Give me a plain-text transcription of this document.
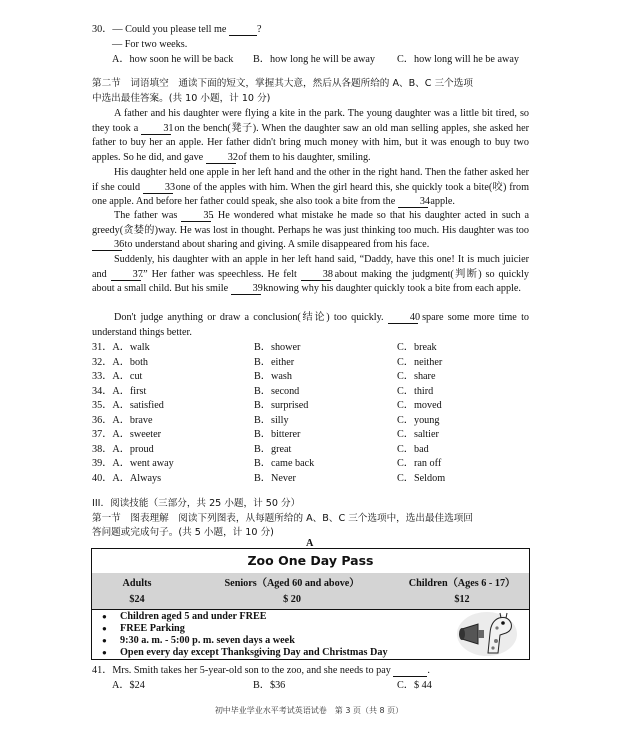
30．— Could you please tell me	?
— For two weeks.
A．how soon he will be back B．how long he will be away C．how long will he be away
第二节　词语填空　通读下面的短文，掌握其大意，然后从各题所给的 A、B、C 三个选项
中选出最佳答案。(共 10 小题，计 10 分)
A father and his daughter were flying a kite in the park. The young daughter was a little bit tired, so they took a 31 on the bench(凳子). When the daughter saw an old man selling apples, she asked her father to buy her an apple. Her father didn't bring much money with him, but it was enough to buy two apples. So he did, and gave 32 of them to his daughter, smiling.
His daughter held one apple in her left hand and the other in the right hand. Then the father asked her if she could 33 one of the apples with him. When the girl heard this, she quickly took a bite(咬) from one apple. And before her father could speak, she also took a bite from the 34 apple.
The father was 35. He wondered what mistake he made so that his daughter acted in such a greedy(贪婪的)way. He was lost in thought. Perhaps he was just thinking too much. His daughter was too 36 to understand about sharing and giving. A smile disappeared from his face.
Suddenly, his daughter with an apple in her left hand said, “Daddy, have this one! It is much juicier and 37.” Her father was speechless. He felt 38 about making the judgment(判断) so quickly about a small child. But his smile 39 knowing why his daughter quickly took a bite from each apple.
Don't judge anything or draw a conclusion(结论) too quickly. 40 spare some more time to understand things better.
31．A．walk	B．shower	C．break
32．A．both	B．either	C．neither
33．A．cut	B．wash	C．share
34．A．first	B．second	C．third
35．A．satisfied	B．surprised	C．moved
36．A．brave	B．silly	C．young
37．A．sweeter	B．bitterer	C．saltier
38．A．proud	B．great	C．bad
39．A．went away	B．came back	C．ran off
40．A．Always	B．Never	C．Seldom
III．阅读技能（三部分，共 25 小题，计 50 分）
第一节　图表理解　阅读下列图表，从每题所给的 A、B、C 三个选项中，选出最佳选项回
答问题或完成句子。(共 5 小题，计 10 分)
A
Zoo One Day Pass
Adults
$24
Seniors（Aged 60 and above）
$ 20
Children（Ages 6 - 17）
$12
● Children aged 5 and under FREE
● FREE Parking
● 9:30 a. m. - 5:00 p. m. seven days a week
● Open every day except Thanksgiving Day and Christmas Day
41．Mrs. Smith takes her 5-year-old son to the zoo, and she needs to pay	.
A．$24	B．$36	C．$ 44
初中毕业学业水平考试英语试卷　第 3 页（共 8 页）
